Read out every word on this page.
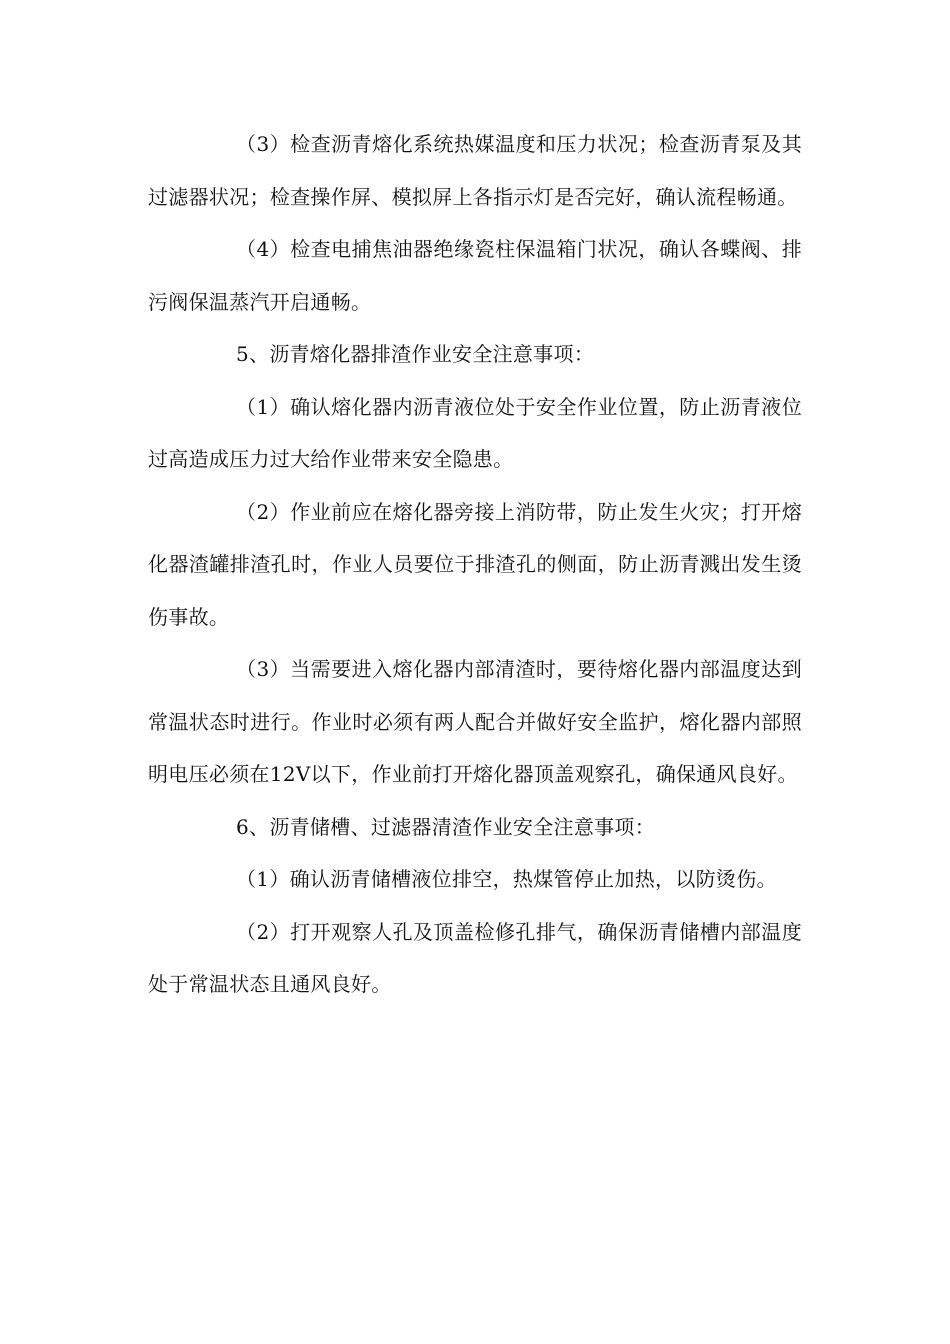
（3）检查沥青熔化系统热媒温度和压力状况；检查沥青泵及其过滤器状况；检查操作屏、模拟屏上各指示灯是否完好，确认流程畅通。

（4）检查电捕焦油器绝缘瓷柱保温箱门状况，确认各蝶阀、排污阀保温蒸汽开启通畅。

5、沥青熔化器排渣作业安全注意事项：

（1）确认熔化器内沥青液位处于安全作业位置，防止沥青液位过高造成压力过大给作业带来安全隐患。

（2）作业前应在熔化器旁接上消防带，防止发生火灾；打开熔化器渣罐排渣孔时，作业人员要位于排渣孔的侧面，防止沥青溅出发生烫伤事故。

（3）当需要进入熔化器内部清渣时，要待熔化器内部温度达到常温状态时进行。作业时必须有两人配合并做好安全监护，熔化器内部照明电压必须在12V以下，作业前打开熔化器顶盖观察孔，确保通风良好。

6、沥青储槽、过滤器清渣作业安全注意事项：

（1）确认沥青储槽液位排空，热煤管停止加热，以防烫伤。

（2）打开观察人孔及顶盖检修孔排气，确保沥青储槽内部温度处于常温状态且通风良好。
